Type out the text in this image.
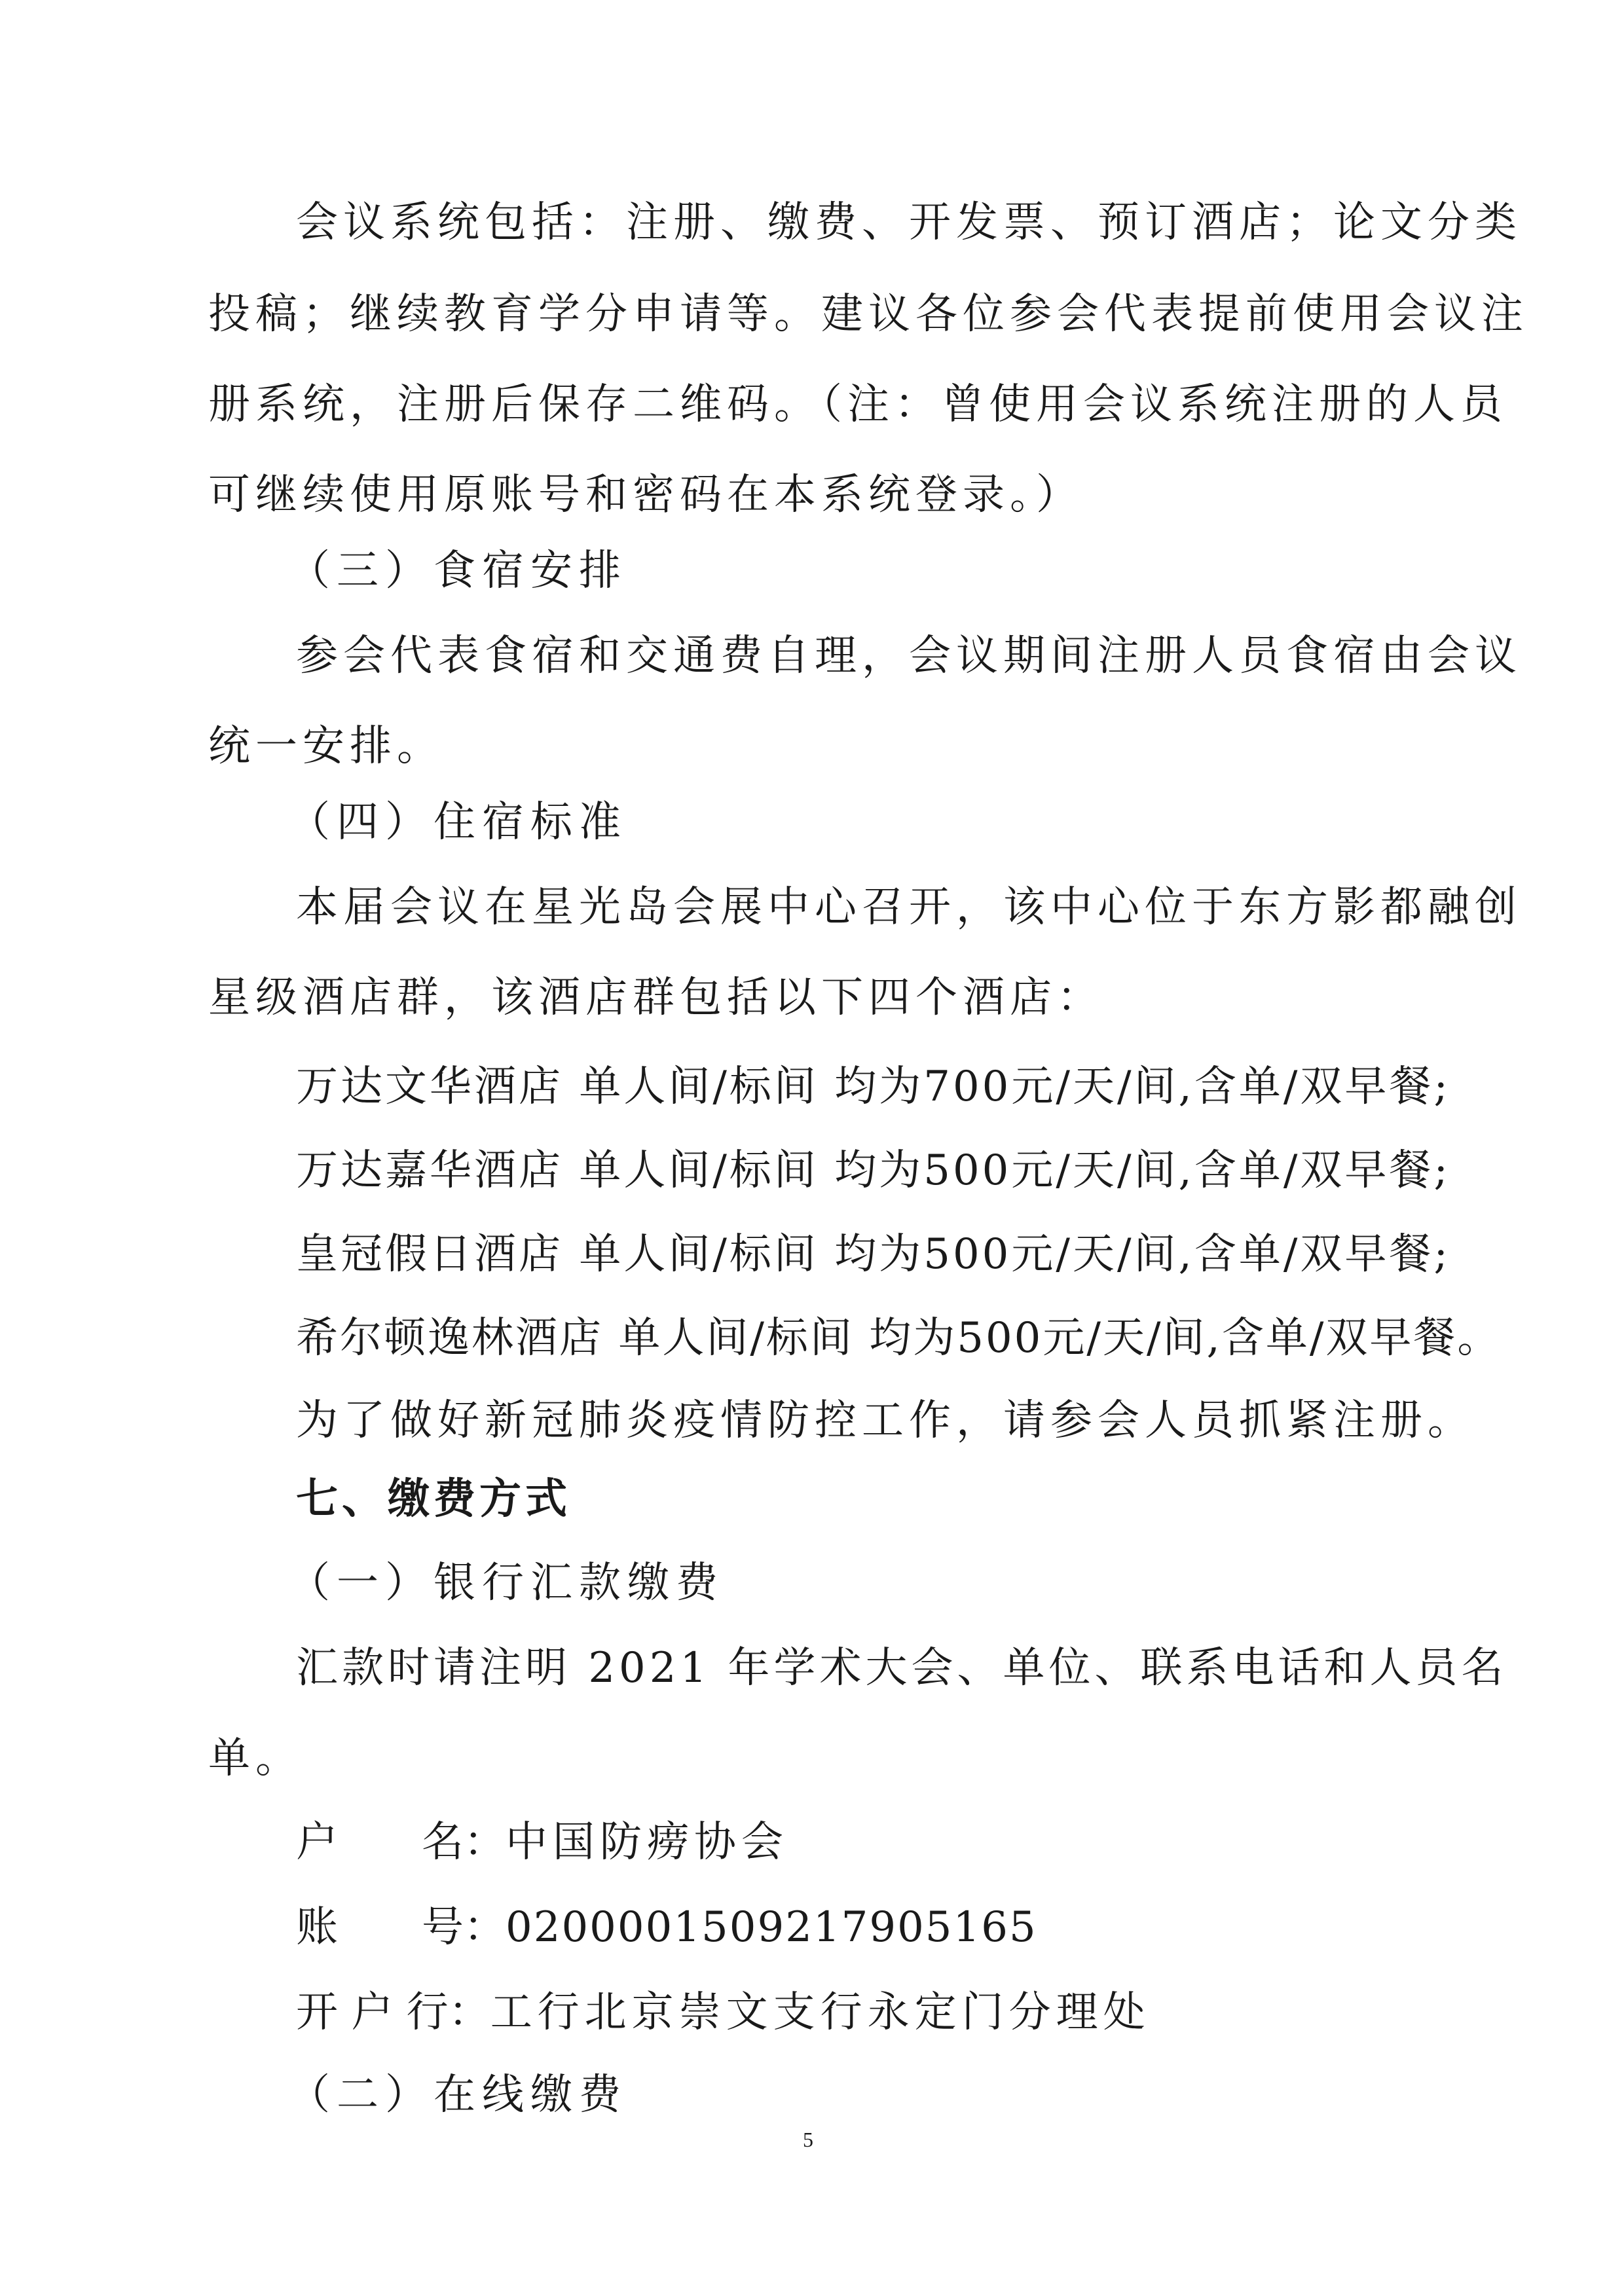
会议系统包括：注册、缴费、开发票、预订酒店；论文分类
投稿；继续教育学分申请等。建议各位参会代表提前使用会议注
册系统，注册后保存二维码。（注：曾使用会议系统注册的人员
可继续使用原账号和密码在本系统登录。）
（三）食宿安排
参会代表食宿和交通费自理，会议期间注册人员食宿由会议
统一安排。
（四）住宿标准
本届会议在星光岛会展中心召开，该中心位于东方影都融创
星级酒店群，该酒店群包括以下四个酒店：
万达文华酒店 单人间/标间 均为700元/天/间,含单/双早餐;
万达嘉华酒店 单人间/标间 均为500元/天/间,含单/双早餐;
皇冠假日酒店 单人间/标间 均为500元/天/间,含单/双早餐;
希尔顿逸林酒店 单人间/标间 均为500元/天/间,含单/双早餐。
为了做好新冠肺炎疫情防控工作，请参会人员抓紧注册。
七、缴费方式
（一）银行汇款缴费
汇款时请注明 2021 年学术大会、单位、联系电话和人员名
单。
户　　名：中国防痨协会
账　　号：0200001509217905165
开 户 行：工行北京崇文支行永定门分理处
（二）在线缴费
5
